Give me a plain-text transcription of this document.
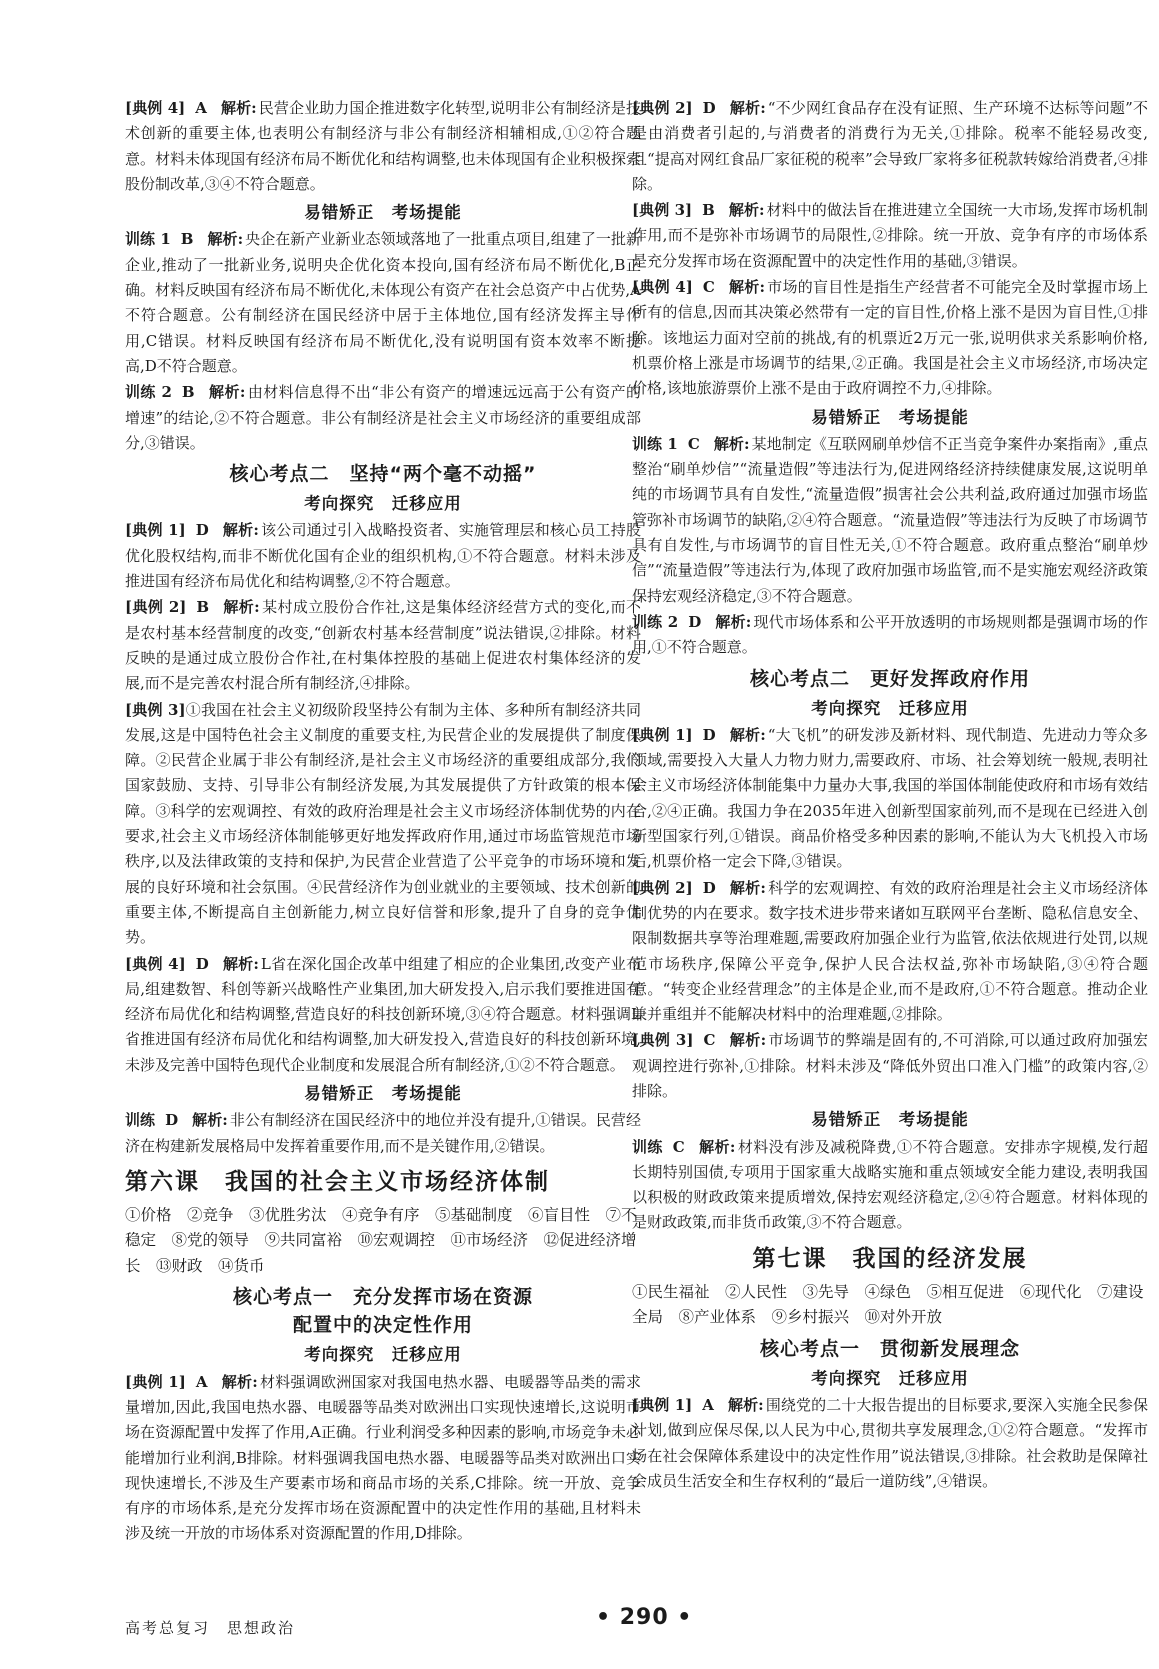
[典例 4] A 解析: 民营企业助力国企推进数字化转型,说明非公有制经济是技术创新的重要主体,也表明公有制经济与非公有制经济相辅相成,①②符合题意。材料未体现国有经济布局不断优化和结构调整,也未体现国有企业积极探索股份制改革,③④不符合题意。

易错矫正　考场提能

训练 1 B 解析: 央企在新产业新业态领域落地了一批重点项目,组建了一批新企业,推动了一批新业务,说明央企优化资本投向,国有经济布局不断优化,B正确。材料反映国有经济布局不断优化,未体现公有资产在社会总资产中占优势,A不符合题意。公有制经济在国民经济中居于主体地位,国有经济发挥主导作用,C错误。材料反映国有经济布局不断优化,没有说明国有资本效率不断提高,D不符合题意。

训练 2 B 解析: 由材料信息得不出“非公有资产的增速远远高于公有资产的增速”的结论,②不符合题意。非公有制经济是社会主义市场经济的重要组成部分,③错误。

核心考点二　坚持“两个毫不动摇”
考向探究　迁移应用

[典例 1] D 解析: 该公司通过引入战略投资者、实施管理层和核心员工持股优化股权结构,而非不断优化国有企业的组织机构,①不符合题意。材料未涉及推进国有经济布局优化和结构调整,②不符合题意。

[典例 2] B 解析: 某村成立股份合作社,这是集体经济经营方式的变化,而不是农村基本经营制度的改变,“创新农村基本经营制度”说法错误,②排除。材料反映的是通过成立股份合作社,在村集体控股的基础上促进农村集体经济的发展,而不是完善农村混合所有制经济,④排除。

[典例 3]①我国在社会主义初级阶段坚持公有制为主体、多种所有制经济共同发展,这是中国特色社会主义制度的重要支柱,为民营企业的发展提供了制度保障。②民营企业属于非公有制经济,是社会主义市场经济的重要组成部分,我们国家鼓励、支持、引导非公有制经济发展,为其发展提供了方针政策的根本保障。③科学的宏观调控、有效的政府治理是社会主义市场经济体制优势的内在要求,社会主义市场经济体制能够更好地发挥政府作用,通过市场监管规范市场秩序,以及法律政策的支持和保护,为民营企业营造了公平竞争的市场环境和发展的良好环境和社会氛围。④民营经济作为创业就业的主要领域、技术创新的重要主体,不断提高自主创新能力,树立良好信誉和形象,提升了自身的竞争优势。

[典例 4] D 解析: L省在深化国企改革中组建了相应的企业集团,改变产业布局,组建数智、科创等新兴战略性产业集团,加大研发投入,启示我们要推进国有经济布局优化和结构调整,营造良好的科技创新环境,③④符合题意。材料强调L省推进国有经济布局优化和结构调整,加大研发投入,营造良好的科技创新环境,未涉及完善中国特色现代企业制度和发展混合所有制经济,①②不符合题意。

易错矫正　考场提能

训练 D 解析: 非公有制经济在国民经济中的地位并没有提升,①错误。民营经济在构建新发展格局中发挥着重要作用,而不是关键作用,②错误。

第六课　我国的社会主义市场经济体制

①价格　②竞争　③优胜劣汰　④竞争有序　⑤基础制度　⑥盲目性　⑦不稳定　⑧党的领导　⑨共同富裕　⑩宏观调控　⑪市场经济　⑫促进经济增长　⑬财政　⑭货币

核心考点一　充分发挥市场在资源
配置中的决定性作用
考向探究　迁移应用

[典例 1] A 解析: 材料强调欧洲国家对我国电热水器、电暖器等品类的需求量增加,因此,我国电热水器、电暖器等品类对欧洲出口实现快速增长,这说明市场在资源配置中发挥了作用,A正确。行业利润受多种因素的影响,市场竞争未必能增加行业利润,B排除。材料强调我国电热水器、电暖器等品类对欧洲出口实现快速增长,不涉及生产要素市场和商品市场的关系,C排除。统一开放、竞争有序的市场体系,是充分发挥市场在资源配置中的决定性作用的基础,且材料未涉及统一开放的市场体系对资源配置的作用,D排除。

[典例 2] D 解析: “不少网红食品存在没有证照、生产环境不达标等问题”不是由消费者引起的,与消费者的消费行为无关,①排除。税率不能轻易改变,且“提高对网红食品厂家征税的税率”会导致厂家将多征税款转嫁给消费者,④排除。

[典例 3] B 解析: 材料中的做法旨在推进建立全国统一大市场,发挥市场机制作用,而不是弥补市场调节的局限性,②排除。统一开放、竞争有序的市场体系是充分发挥市场在资源配置中的决定性作用的基础,③错误。

[典例 4] C 解析: 市场的盲目性是指生产经营者不可能完全及时掌握市场上所有的信息,因而其决策必然带有一定的盲目性,价格上涨不是因为盲目性,①排除。该地运力面对空前的挑战,有的机票近2万元一张,说明供求关系影响价格,机票价格上涨是市场调节的结果,②正确。我国是社会主义市场经济,市场决定价格,该地旅游票价上涨不是由于政府调控不力,④排除。

易错矫正　考场提能

训练 1 C 解析: 某地制定《互联网刷单炒信不正当竞争案件办案指南》,重点整治“刷单炒信”“流量造假”等违法行为,促进网络经济持续健康发展,这说明单纯的市场调节具有自发性,“流量造假”损害社会公共利益,政府通过加强市场监管弥补市场调节的缺陷,②④符合题意。“流量造假”等违法行为反映了市场调节具有自发性,与市场调节的盲目性无关,①不符合题意。政府重点整治“刷单炒信”“流量造假”等违法行为,体现了政府加强市场监管,而不是实施宏观经济政策保持宏观经济稳定,③不符合题意。

训练 2 D 解析: 现代市场体系和公平开放透明的市场规则都是强调市场的作用,①不符合题意。

核心考点二　更好发挥政府作用
考向探究　迁移应用

[典例 1] D 解析: “大飞机”的研发涉及新材料、现代制造、先进动力等众多领域,需要投入大量人力物力财力,需要政府、市场、社会筹划统一般规,表明社会主义市场经济体制能集中力量办大事,我国的举国体制能使政府和市场有效结合,②④正确。我国力争在2035年进入创新型国家前列,而不是现在已经进入创新型国家行列,①错误。商品价格受多种因素的影响,不能认为大飞机投入市场后,机票价格一定会下降,③错误。

[典例 2] D 解析: 科学的宏观调控、有效的政府治理是社会主义市场经济体制优势的内在要求。数字技术进步带来诸如互联网平台垄断、隐私信息安全、限制数据共享等治理难题,需要政府加强企业行为监管,依法依规进行处罚,以规范市场秩序,保障公平竞争,保护人民合法权益,弥补市场缺陷,③④符合题意。“转变企业经营理念”的主体是企业,而不是政府,①不符合题意。推动企业兼并重组并不能解决材料中的治理难题,②排除。

[典例 3] C 解析: 市场调节的弊端是固有的,不可消除,可以通过政府加强宏观调控进行弥补,①排除。材料未涉及“降低外贸出口准入门槛”的政策内容,②排除。

易错矫正　考场提能

训练 C 解析: 材料没有涉及减税降费,①不符合题意。安排赤字规模,发行超长期特别国债,专项用于国家重大战略实施和重点领域安全能力建设,表明我国以积极的财政政策来提质增效,保持宏观经济稳定,②④符合题意。材料体现的是财政政策,而非货币政策,③不符合题意。

第七课　我国的经济发展

①民生福祉　②人民性　③先导　④绿色　⑤相互促进　⑥现代化　⑦建设全局　⑧产业体系　⑨乡村振兴　⑩对外开放

核心考点一　贯彻新发展理念
考向探究　迁移应用

[典例 1] A 解析: 围绕党的二十大报告提出的目标要求,要深入实施全民参保计划,做到应保尽保,以人民为中心,贯彻共享发展理念,①②符合题意。“发挥市场在社会保障体系建设中的决定性作用”说法错误,③排除。社会救助是保障社会成员生活安全和生存权利的“最后一道防线”,④错误。

高考总复习　思想政治	• 290 •
